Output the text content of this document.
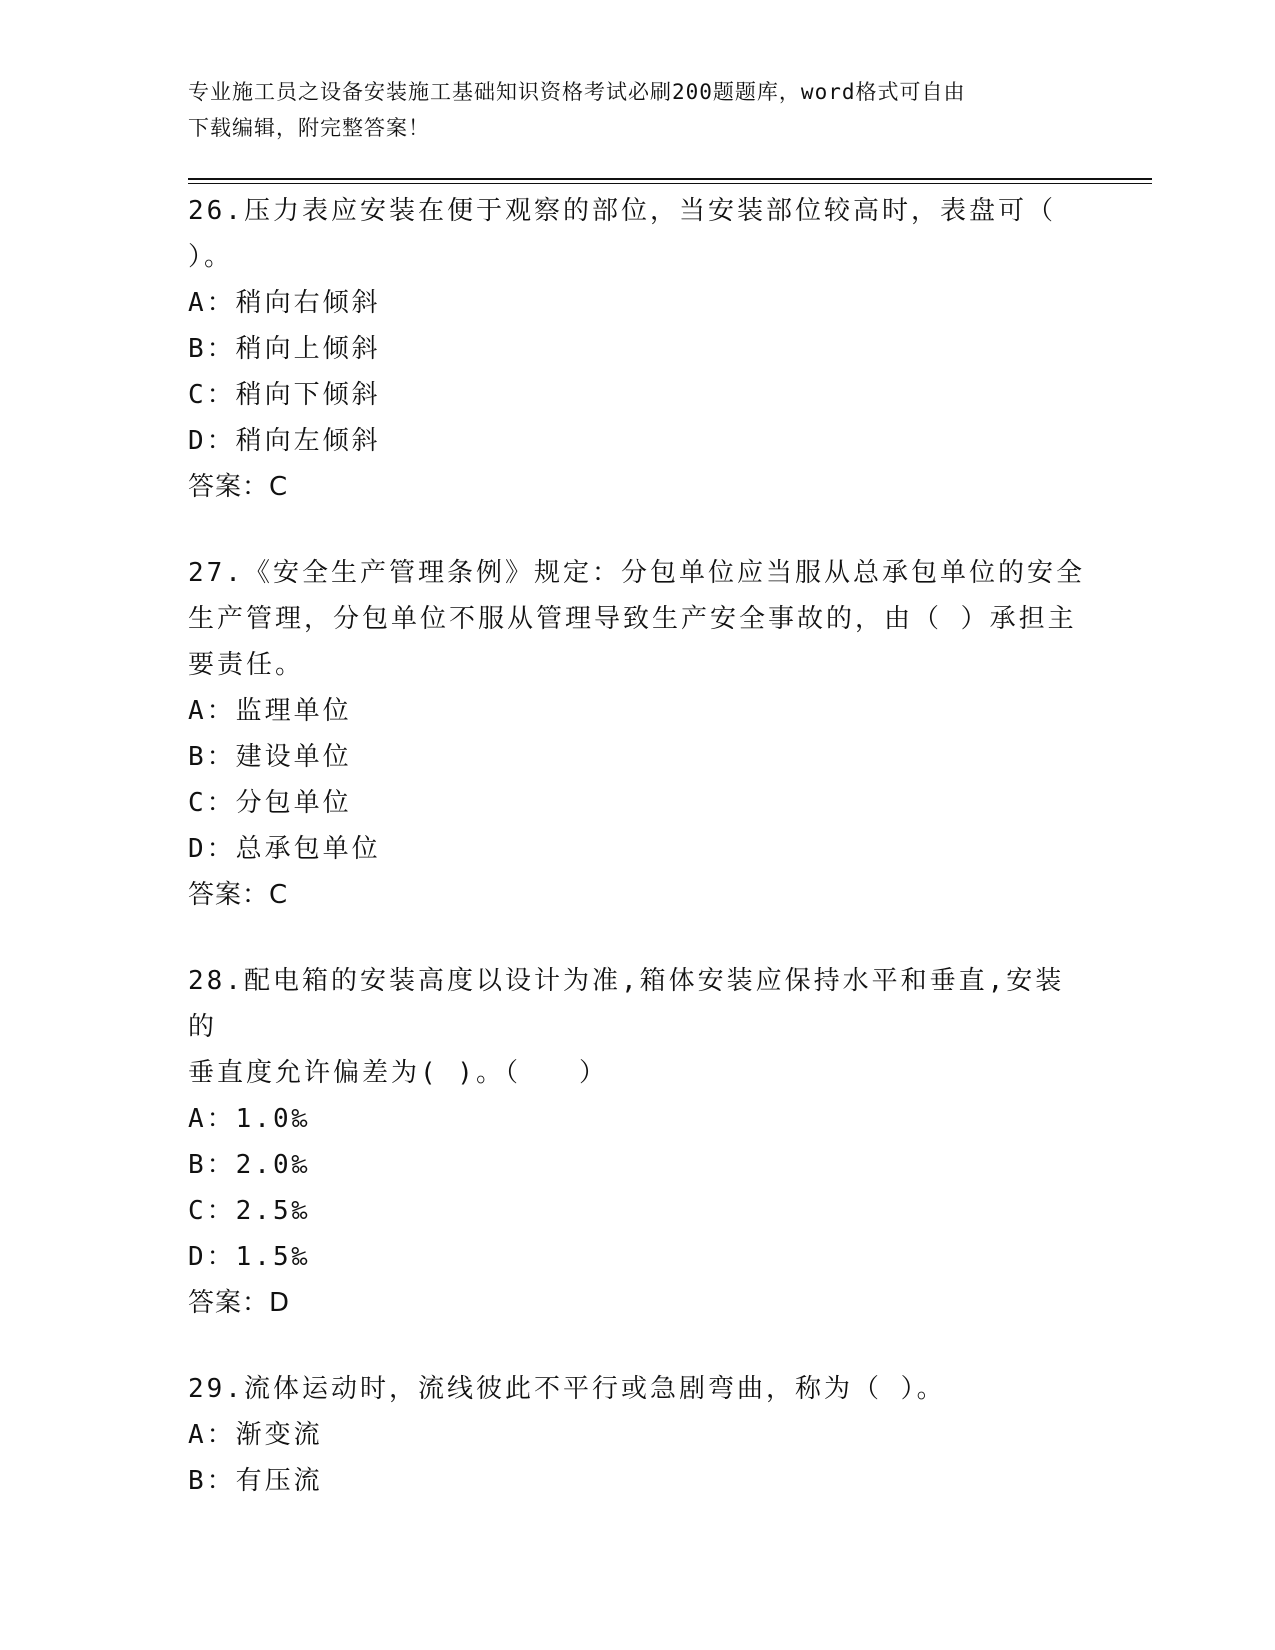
专业施工员之设备安装施工基础知识资格考试必刷200题题库，word格式可自由
下载编辑，附完整答案！
26.压力表应安装在便于观察的部位，当安装部位较高时，表盘可（
）。
A：稍向右倾斜
B：稍向上倾斜
C：稍向下倾斜
D：稍向左倾斜
答案：C
27.《安全生产管理条例》规定：分包单位应当服从总承包单位的安全
生产管理，分包单位不服从管理导致生产安全事故的，由（ ）承担主
要责任。
A：监理单位
B：建设单位
C：分包单位
D：总承包单位
答案：C
28.配电箱的安装高度以设计为准,箱体安装应保持水平和垂直,安装的
垂直度允许偏差为( )。（　　）
A：1.0‰
B：2.0‰
C：2.5‰
D：1.5‰
答案：D
29.流体运动时，流线彼此不平行或急剧弯曲，称为（ ）。
A：渐变流
B：有压流
